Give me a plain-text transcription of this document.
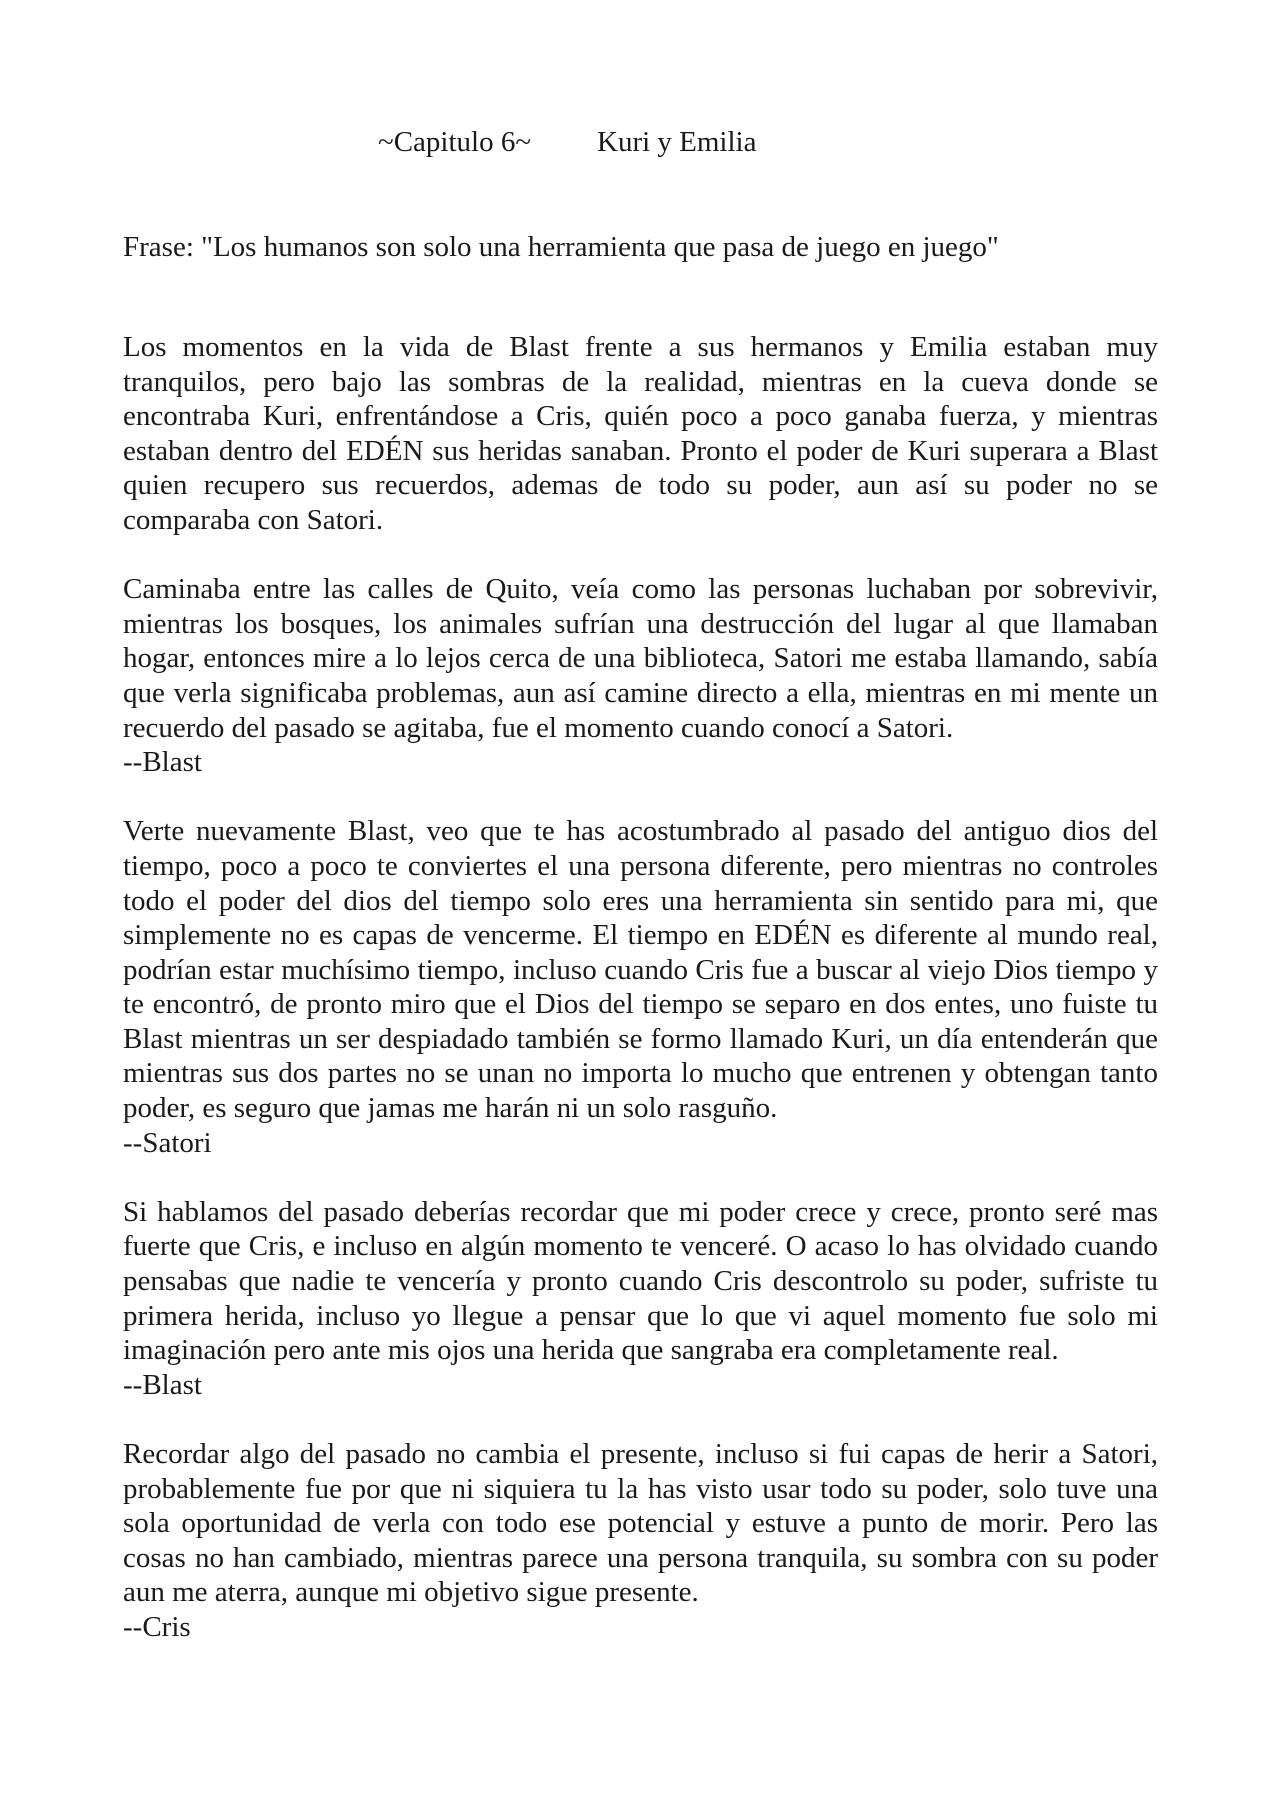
~Capitulo 6~ Kuri y Emilia
Frase: "Los humanos son solo una herramienta que pasa de juego en juego"

Los momentos en la vida de Blast frente a sus hermanos y Emilia estaban muy tranquilos, pero bajo las sombras de la realidad, mientras en la cueva donde se encontraba Kuri, enfrentándose a Cris, quién poco a poco ganaba fuerza, y mientras estaban dentro del EDÉN sus heridas sanaban. Pronto el poder de Kuri superara a Blast quien recupero sus recuerdos, ademas de todo su poder, aun así su poder no se comparaba con Satori.

Caminaba entre las calles de Quito, veía como las personas luchaban por sobrevivir, mientras los bosques, los animales sufrían una destrucción del lugar al que llamaban hogar, entonces mire a lo lejos cerca de una biblioteca, Satori me estaba llamando, sabía que verla significaba problemas, aun así camine directo a ella, mientras en mi mente un recuerdo del pasado se agitaba, fue el momento cuando conocí a Satori.

--Blast

Verte nuevamente Blast, veo que te has acostumbrado al pasado del antiguo dios del tiempo, poco a poco te conviertes el una persona diferente, pero mientras no controles todo el poder del dios del tiempo solo eres una herramienta sin sentido para mi, que simplemente no es capas de vencerme. El tiempo en EDÉN es diferente al mundo real, podrían estar muchísimo tiempo, incluso cuando Cris fue a buscar al viejo Dios tiempo y te encontró, de pronto miro que el Dios del tiempo se separo en dos entes, uno fuiste tu Blast mientras un ser despiadado también se formo llamado Kuri, un día entenderán que mientras sus dos partes no se unan no importa lo mucho que entrenen y obtengan tanto poder, es seguro que jamas me harán ni un solo rasguño.

--Satori

Si hablamos del pasado deberías recordar que mi poder crece y crece, pronto seré mas fuerte que Cris, e incluso en algún momento te venceré. O acaso lo has olvidado cuando pensabas que nadie te vencería y pronto cuando Cris descontrolo su poder, sufriste tu primera herida, incluso yo llegue a pensar que lo que vi aquel momento fue solo mi imaginación pero ante mis ojos una herida que sangraba era completamente real.

--Blast

Recordar algo del pasado no cambia el presente, incluso si fui capas de herir a Satori, probablemente fue por que ni siquiera tu la has visto usar todo su poder, solo tuve una sola oportunidad de verla con todo ese potencial y estuve a punto de morir. Pero las cosas no han cambiado, mientras parece una persona tranquila, su sombra con su poder aun me aterra, aunque mi objetivo sigue presente.

--Cris
